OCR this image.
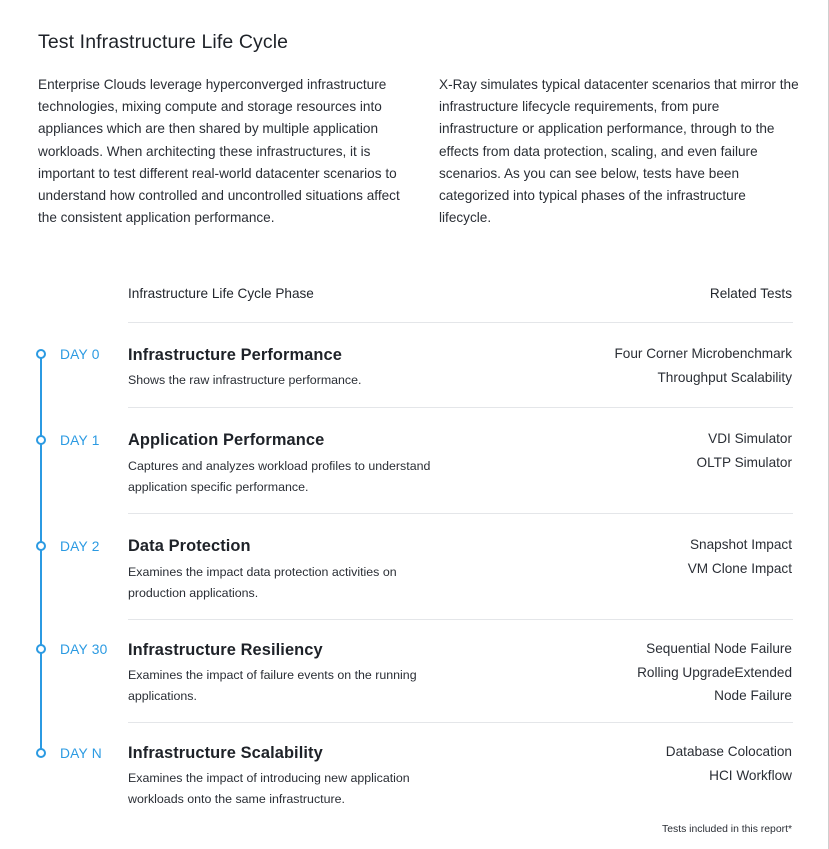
Test Infrastructure Life Cycle
Enterprise Clouds leverage hyperconverged infrastructure technologies, mixing compute and storage resources into appliances which are then shared by multiple application workloads. When architecting these infrastructures, it is important to test different real-world datacenter scenarios to understand how controlled and uncontrolled situations affect the consistent application performance.
X-Ray simulates typical datacenter scenarios that mirror the infrastructure lifecycle requirements, from pure infrastructure or application performance, through to the effects from data protection, scaling, and even failure scenarios. As you can see below, tests have been categorized into typical phases of the infrastructure lifecycle.
Infrastructure Life Cycle Phase	Related Tests
DAY 0 Infrastructure Performance
Shows the raw infrastructure performance.
Four Corner Microbenchmark
Throughput Scalability
DAY 1 Application Performance
Captures and analyzes workload profiles to understand application specific performance.
VDI Simulator
OLTP Simulator
DAY 2 Data Protection
Examines the impact data protection activities on production applications.
Snapshot Impact
VM Clone Impact
DAY 30 Infrastructure Resiliency
Examines the impact of failure events on the running applications.
Sequential Node Failure
Rolling UpgradeExtended
Node Failure
DAY N Infrastructure Scalability
Examines the impact of introducing new application workloads onto the same infrastructure.
Database Colocation
HCI Workflow
Tests included in this report*
